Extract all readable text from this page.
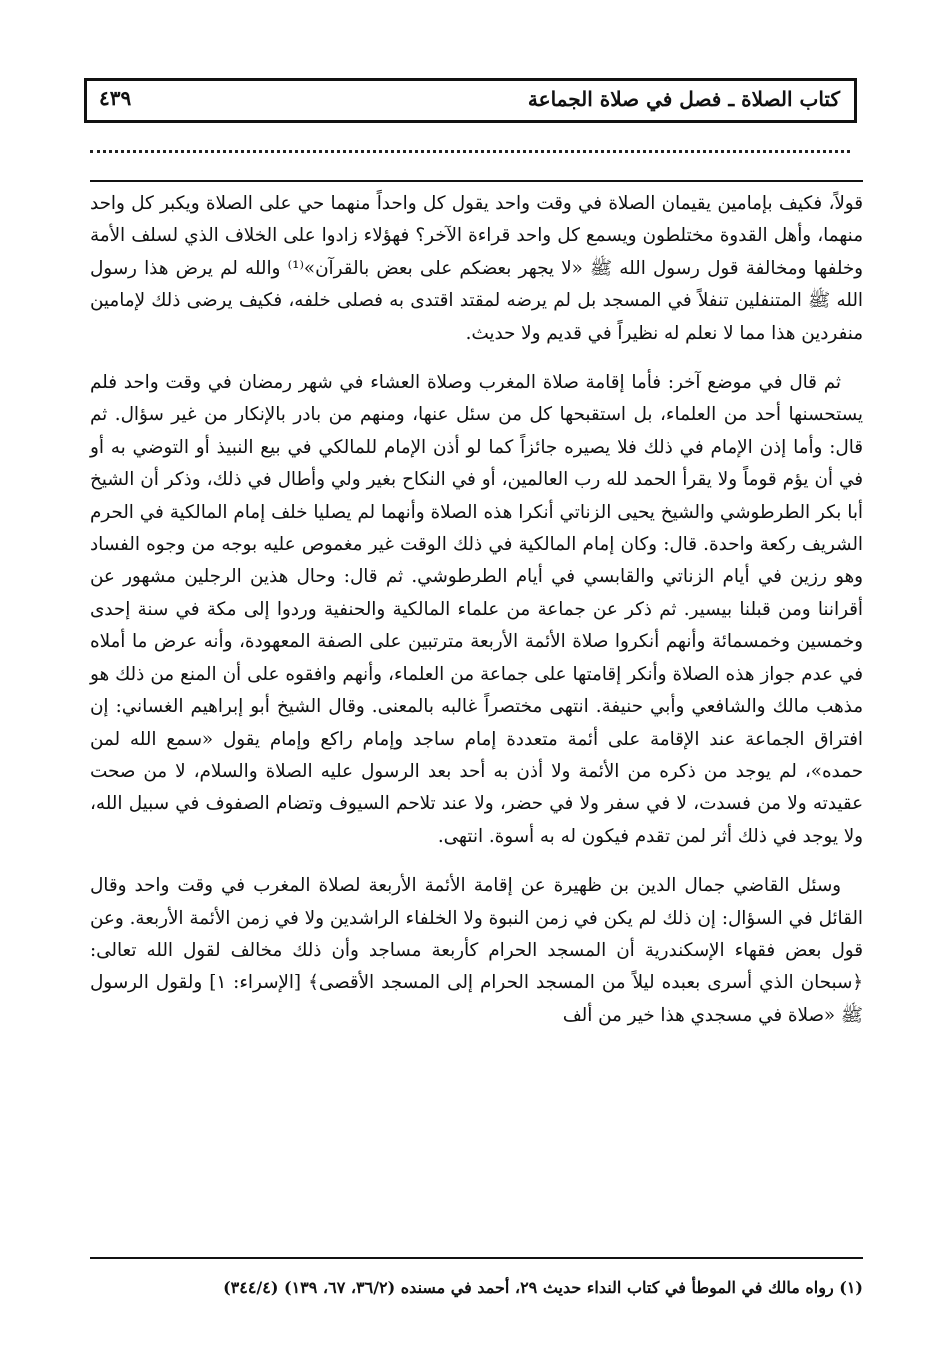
كتاب الصلاة ـ فصل في صلاة الجماعة
٤٣٩

قولاً، فكيف بإمامين يقيمان الصلاة في وقت واحد يقول كل واحداً منهما حي على الصلاة ويكبر كل واحد منهما، وأهل القدوة مختلطون ويسمع كل واحد قراءة الآخر؟ فهؤلاء زادوا على الخلاف الذي لسلف الأمة وخلفها ومخالفة قول رسول الله ﷺ «لا يجهر بعضكم على بعض بالقرآن»⁽¹⁾ والله لم يرض هذا رسول الله ﷺ المتنفلين تنفلاً في المسجد بل لم يرضه لمقتد اقتدى به فصلى خلفه، فكيف يرضى ذلك لإمامين منفردين هذا مما لا نعلم له نظيراً في قديم ولا حديث.

ثم قال في موضع آخر: فأما إقامة صلاة المغرب وصلاة العشاء في شهر رمضان في وقت واحد فلم يستحسنها أحد من العلماء، بل استقبحها كل من سئل عنها، ومنهم من بادر بالإنكار من غير سؤال. ثم قال: وأما إذن الإمام في ذلك فلا يصيره جائزاً كما لو أذن الإمام للمالكي في بيع النبيذ أو التوضي به أو في أن يؤم قوماً ولا يقرأ الحمد لله رب العالمين، أو في النكاح بغير ولي وأطال في ذلك، وذكر أن الشيخ أبا بكر الطرطوشي والشيخ يحيى الزناتي أنكرا هذه الصلاة وأنهما لم يصليا خلف إمام المالكية في الحرم الشريف ركعة واحدة. قال: وكان إمام المالكية في ذلك الوقت غير مغموص عليه بوجه من وجوه الفساد وهو رزين في أيام الزناتي والقابسي في أيام الطرطوشي. ثم قال: وحال هذين الرجلين مشهور عن أقراننا ومن قبلنا بيسير. ثم ذكر عن جماعة من علماء المالكية والحنفية وردوا إلى مكة في سنة إحدى وخمسين وخمسمائة وأنهم أنكروا صلاة الأئمة الأربعة مترتبين على الصفة المعهودة، وأنه عرض ما أملاه في عدم جواز هذه الصلاة وأنكر إقامتها على جماعة من العلماء، وأنهم وافقوه على أن المنع من ذلك هو مذهب مالك والشافعي وأبي حنيفة. انتهى مختصراً غالبه بالمعنى. وقال الشيخ أبو إبراهيم الغساني: إن افتراق الجماعة عند الإقامة على أئمة متعددة إمام ساجد وإمام راكع وإمام يقول «سمع الله لمن حمده»، لم يوجد من ذكره من الأئمة ولا أذن به أحد بعد الرسول عليه الصلاة والسلام، لا من صحت عقيدته ولا من فسدت، لا في سفر ولا في حضر، ولا عند تلاحم السيوف وتضام الصفوف في سبيل الله، ولا يوجد في ذلك أثر لمن تقدم فيكون له به أسوة. انتهى.

وسئل القاضي جمال الدين بن ظهيرة عن إقامة الأئمة الأربعة لصلاة المغرب في وقت واحد وقال القائل في السؤال: إن ذلك لم يكن في زمن النبوة ولا الخلفاء الراشدين ولا في زمن الأئمة الأربعة. وعن قول بعض فقهاء الإسكندرية أن المسجد الحرام كأربعة مساجد وأن ذلك مخالف لقول الله تعالى: ﴿سبحان الذي أسرى بعبده ليلاً من المسجد الحرام إلى المسجد الأقصى﴾ [الإسراء: ١] ولقول الرسول ﷺ «صلاة في مسجدي هذا خير من ألف

(١) رواه مالك في الموطأ في كتاب النداء حديث ٢٩، أحمد في مسنده (٣٦/٢، ٦٧، ١٣٩) (٣٤٤/٤)
